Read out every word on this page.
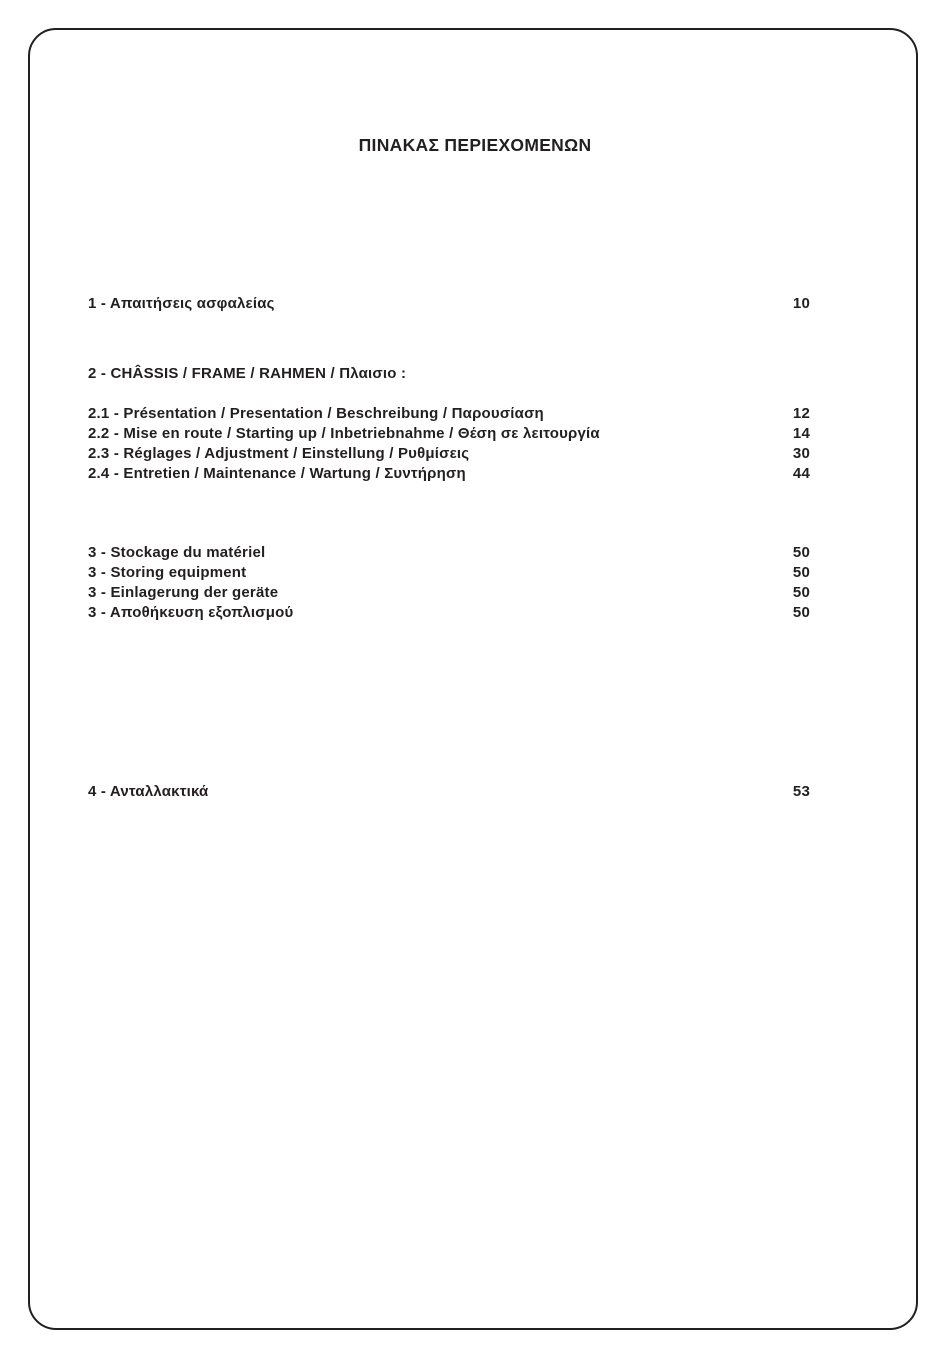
ΠΙΝΑΚΑΣ ΠΕΡΙΕΧΟΜΕΝΩΝ
1 - Απαιτήσεις ασφαλείας	10
2 - CHÂSSIS / FRAME / RAHMEN / Πλαισιο :
2.1 - Présentation / Presentation / Beschreibung / Παρουσίαση	12
2.2 - Mise en route / Starting up / Inbetriebnahme / Θέση σε λειτουργία	14
2.3 - Réglages / Adjustment / Einstellung / Ρυθμίσεις	30
2.4 - Entretien / Maintenance / Wartung / Συντήρηση	44
3 - Stockage du matériel	50
3 - Storing equipment	50
3 - Einlagerung der geräte	50
3 - Αποθήκευση εξοπλισμού	50
4 - Ανταλλακτικά	53
